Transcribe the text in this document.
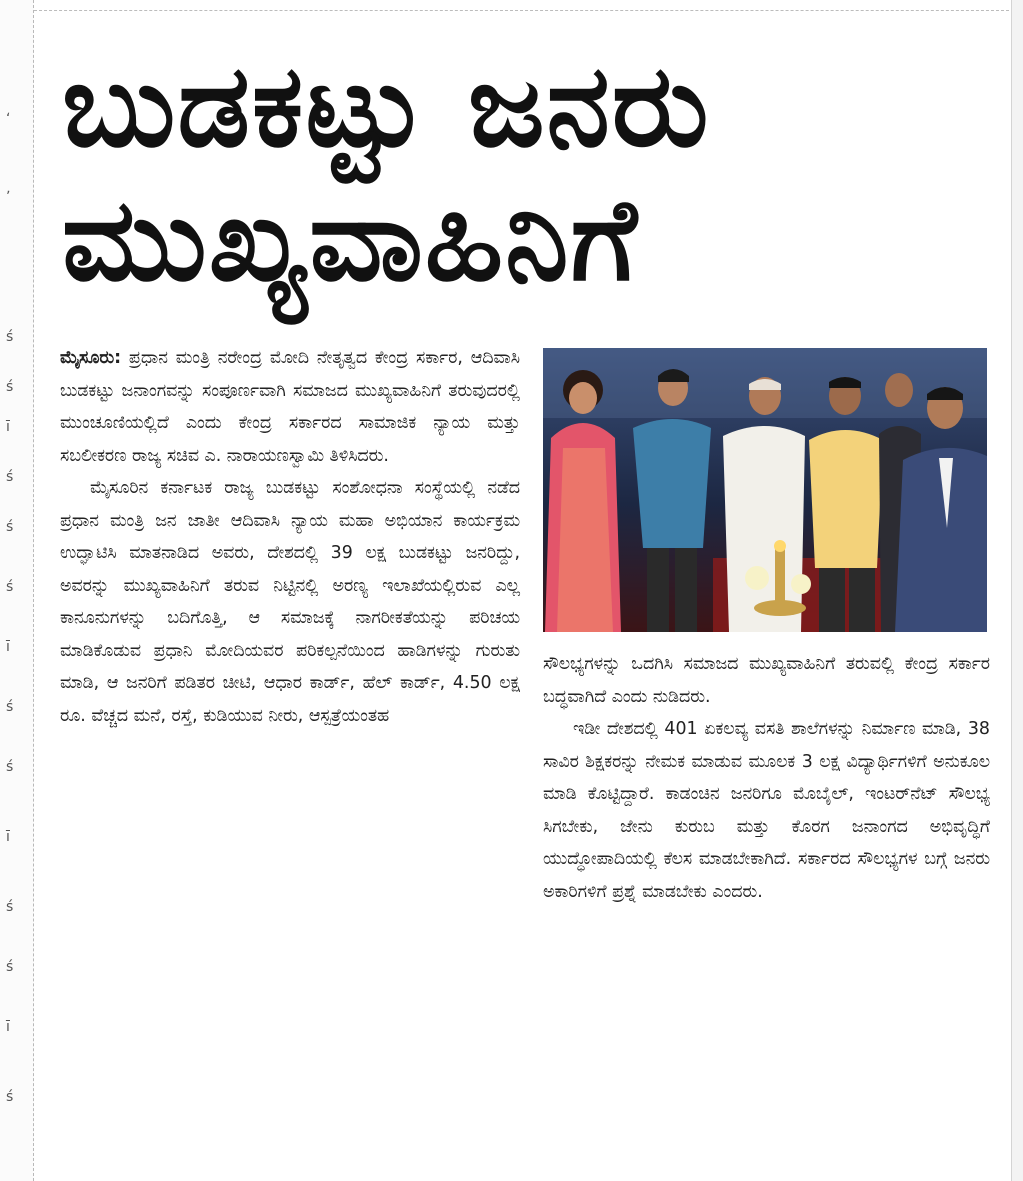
ʻ
ʼ
ś
ś
ī
ś
ś
ś
ī
ś
ś
ī
ś
ś
ī
ś
ಬುಡಕಟ್ಟು ಜನರು
ಮುಖ್ಯವಾಹಿನಿಗೆ

ಮೈಸೂರು: ಪ್ರಧಾನ ಮಂತ್ರಿ ನರೇಂದ್ರ ಮೋದಿ ನೇತೃತ್ವದ ಕೇಂದ್ರ ಸರ್ಕಾರ, ಆದಿವಾಸಿ ಬುಡಕಟ್ಟು ಜನಾಂಗವನ್ನು ಸಂಪೂರ್ಣವಾಗಿ ಸಮಾಜದ ಮುಖ್ಯವಾಹಿನಿಗೆ ತರುವುದರಲ್ಲಿ ಮುಂಚೂಣಿಯಲ್ಲಿದೆ ಎಂದು ಕೇಂದ್ರ ಸರ್ಕಾರದ ಸಾಮಾಜಿಕ ನ್ಯಾಯ ಮತ್ತು ಸಬಲೀಕರಣ ರಾಜ್ಯ ಸಚಿವ ಎ. ನಾರಾಯಣಸ್ವಾಮಿ ತಿಳಿಸಿದರು.

ಮೈಸೂರಿನ ಕರ್ನಾಟಕ ರಾಜ್ಯ ಬುಡಕಟ್ಟು ಸಂಶೋಧನಾ ಸಂಸ್ಥೆಯಲ್ಲಿ ನಡೆದ ಪ್ರಧಾನ ಮಂತ್ರಿ ಜನ ಜಾತೀ ಆದಿವಾಸಿ ನ್ಯಾಯ ಮಹಾ ಅಭಿಯಾನ ಕಾರ್ಯಕ್ರಮ ಉದ್ಘಾಟಿಸಿ ಮಾತನಾಡಿದ ಅವರು, ದೇಶದಲ್ಲಿ 39 ಲಕ್ಷ ಬುಡಕಟ್ಟು ಜನರಿದ್ದು, ಅವರನ್ನು ಮುಖ್ಯವಾಹಿನಿಗೆ ತರುವ ನಿಟ್ಟಿನಲ್ಲಿ ಅರಣ್ಯ ಇಲಾಖೆಯಲ್ಲಿರುವ ಎಲ್ಲ ಕಾನೂನುಗಳನ್ನು ಬದಿಗೊತ್ತಿ, ಆ ಸಮಾಜಕ್ಕೆ ನಾಗರೀಕತೆಯನ್ನು ಪರಿಚಯ ಮಾಡಿಕೊಡುವ ಪ್ರಧಾನಿ ಮೋದಿಯವರ ಪರಿಕಲ್ಪನೆಯಿಂದ ಹಾಡಿಗಳನ್ನು ಗುರುತು ಮಾಡಿ, ಆ ಜನರಿಗೆ ಪಡಿತರ ಚೀಟಿ, ಆಧಾರ ಕಾರ್ಡ್, ಹೆಲ್ ಕಾರ್ಡ್, 4.50 ಲಕ್ಷ ರೂ. ವೆಚ್ಚದ ಮನೆ, ರಸ್ತೆ, ಕುಡಿಯುವ ನೀರು, ಆಸ್ಪತ್ರೆಯಂತಹ

ಸೌಲಭ್ಯಗಳನ್ನು ಒದಗಿಸಿ ಸಮಾಜದ ಮುಖ್ಯವಾಹಿನಿಗೆ ತರುವಲ್ಲಿ ಕೇಂದ್ರ ಸರ್ಕಾರ ಬದ್ಧವಾಗಿದೆ ಎಂದು ನುಡಿದರು.

ಇಡೀ ದೇಶದಲ್ಲಿ 401 ಏಕಲವ್ಯ ವಸತಿ ಶಾಲೆಗಳನ್ನು ನಿರ್ಮಾಣ ಮಾಡಿ, 38 ಸಾವಿರ ಶಿಕ್ಷಕರನ್ನು ನೇಮಕ ಮಾಡುವ ಮೂಲಕ 3 ಲಕ್ಷ ವಿದ್ಯಾರ್ಥಿಗಳಿಗೆ ಅನುಕೂಲ ಮಾಡಿ ಕೊಟ್ಟಿದ್ದಾರೆ. ಕಾಡಂಚಿನ ಜನರಿಗೂ ಮೊಬೈಲ್, ಇಂಟರ್‌ನೆಟ್ ಸೌಲಭ್ಯ ಸಿಗಬೇಕು, ಜೇನು ಕುರುಬ ಮತ್ತು ಕೊರಗ ಜನಾಂಗದ ಅಭಿವೃದ್ಧಿಗೆ ಯುದ್ಧೋಪಾದಿಯಲ್ಲಿ ಕೆಲಸ ಮಾಡಬೇಕಾಗಿದೆ. ಸರ್ಕಾರದ ಸೌಲಭ್ಯಗಳ ಬಗ್ಗೆ ಜನರು ಅಕಾರಿಗಳಿಗೆ ಪ್ರಶ್ನೆ ಮಾಡಬೇಕು ಎಂದರು.
